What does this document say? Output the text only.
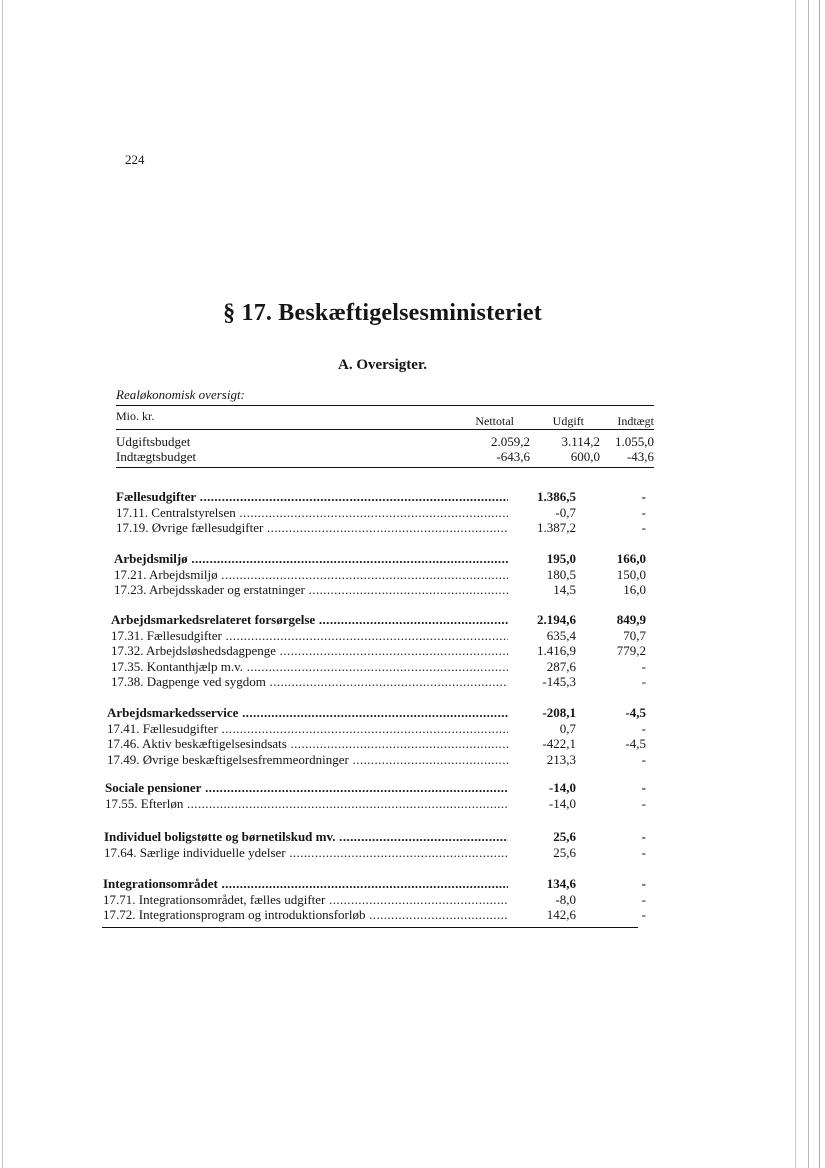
224
§ 17. Beskæftigelsesministeriet
A. Oversigter.
Realøkonomisk oversigt:
Mio. kr.	Nettotal	Udgift	Indtægt
Udgiftsbudget	2.059,2	3.114,2	1.055,0
Indtægtsbudget	-643,6	600,0	-43,6
Fællesudgifter .....	1.386,5	-
17.11. Centralstyrelsen .....	-0,7	-
17.19. Øvrige fællesudgifter .....	1.387,2	-
Arbejdsmiljø .....	195,0	166,0
17.21. Arbejdsmiljø .....	180,5	150,0
17.23. Arbejdsskader og erstatninger .....	14,5	16,0
Arbejdsmarkedsrelateret forsørgelse .....	2.194,6	849,9
17.31. Fællesudgifter .....	635,4	70,7
17.32. Arbejdsløshedsdagpenge .....	1.416,9	779,2
17.35. Kontanthjælp m.v. .....	287,6	-
17.38. Dagpenge ved sygdom .....	-145,3	-
Arbejdsmarkedsservice .....	-208,1	-4,5
17.41. Fællesudgifter .....	0,7	-
17.46. Aktiv beskæftigelsesindsats .....	-422,1	-4,5
17.49. Øvrige beskæftigelsesfremmeordninger .....	213,3	-
Sociale pensioner .....	-14,0	-
17.55. Efterløn .....	-14,0	-
Individuel boligstøtte og børnetilskud mv. .....	25,6	-
17.64. Særlige individuelle ydelser .....	25,6	-
Integrationsområdet .....	134,6	-
17.71. Integrationsområdet, fælles udgifter .....	-8,0	-
17.72. Integrationsprogram og introduktionsforløb .....	142,6	-
